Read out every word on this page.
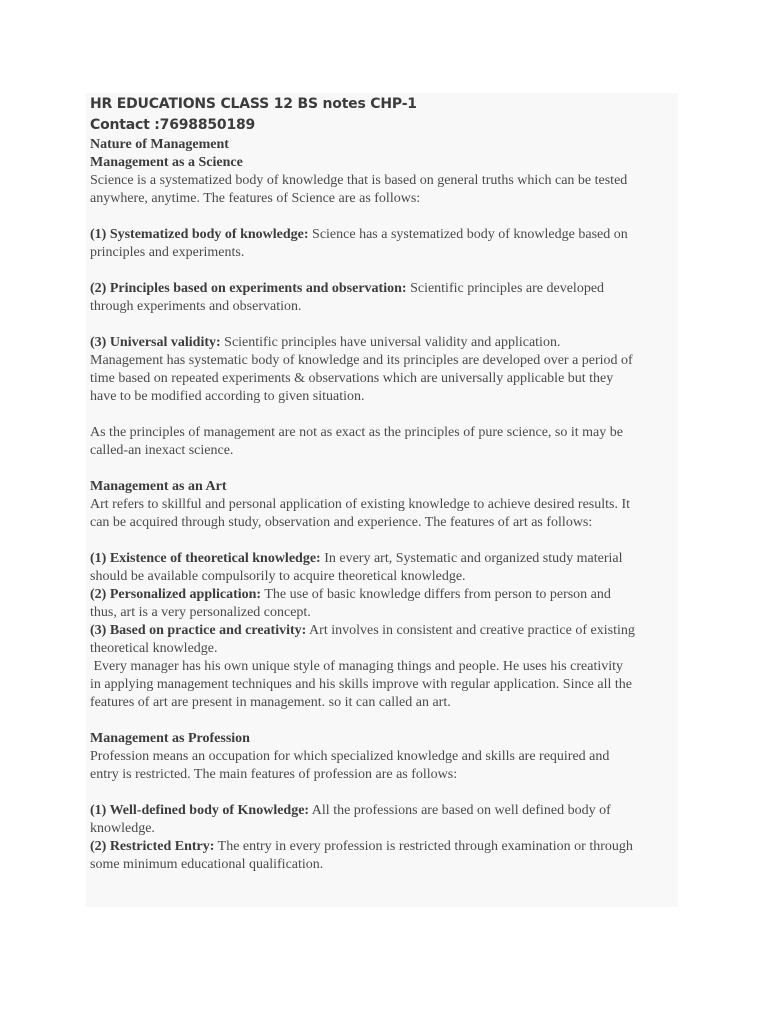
HR EDUCATIONS CLASS 12 BS notes CHP-1
Contact :7698850189
Nature of Management
Management as a Science

Science is a systematized body of knowledge that is based on general truths which can be tested
anywhere, anytime. The features of Science are as follows:

(1) Systematized body of knowledge: Science has a systematized body of knowledge based on
principles and experiments.

(2) Principles based on experiments and observation: Scientific principles are developed
through experiments and observation.

(3) Universal validity: Scientific principles have universal validity and application.
Management has systematic body of knowledge and its principles are developed over a period of
time based on repeated experiments & observations which are universally applicable but they
have to be modified according to given situation.

As the principles of management are not as exact as the principles of pure science, so it may be
called-an inexact science.

Management as an Art

Art refers to skillful and personal application of existing knowledge to achieve desired results. It
can be acquired through study, observation and experience. The features of art as follows:

(1) Existence of theoretical knowledge: In every art, Systematic and organized study material
should be available compulsorily to acquire theoretical knowledge.
(2) Personalized application: The use of basic knowledge differs from person to person and
thus, art is a very personalized concept.
(3) Based on practice and creativity: Art involves in consistent and creative practice of existing
theoretical knowledge.
Every manager has his own unique style of managing things and people. He uses his creativity
in applying management techniques and his skills improve with regular application. Since all the
features of art are present in management. so it can called an art.

Management as Profession

Profession means an occupation for which specialized knowledge and skills are required and
entry is restricted. The main features of profession are as follows:

(1) Well-defined body of Knowledge: All the professions are based on well defined body of
knowledge.
(2) Restricted Entry: The entry in every profession is restricted through examination or through
some minimum educational qualification.
